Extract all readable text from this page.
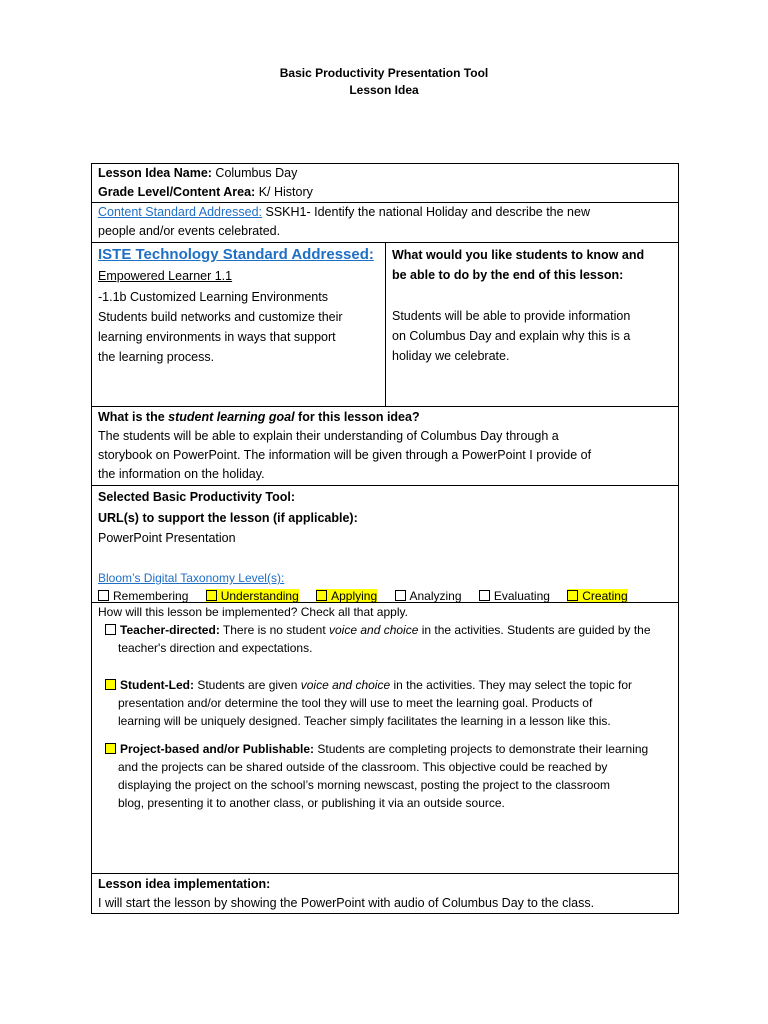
Basic Productivity Presentation Tool
Lesson Idea
Lesson Idea Name: Columbus Day
Grade Level/Content Area: K/ History
Content Standard Addressed: SSKH1- Identify the national Holiday and describe the new
people and/or events celebrated.
ISTE Technology Standard Addressed:
Empowered Learner 1.1
-1.1b Customized Learning Environments
Students build networks and customize their
learning environments in ways that support
the learning process.
What would you like students to know and
be able to do by the end of this lesson:
Students will be able to provide information
on Columbus Day and explain why this is a
holiday we celebrate.
What is the student learning goal for this lesson idea?
The students will be able to explain their understanding of Columbus Day through a
storybook on PowerPoint. The information will be given through a PowerPoint I provide of
the information on the holiday.
Selected Basic Productivity Tool:
URL(s) to support the lesson (if applicable):
PowerPoint Presentation
Bloom’s Digital Taxonomy Level(s):
Remembering	Understanding	Applying	Analyzing	Evaluating	Creating
How will this lesson be implemented? Check all that apply.
Teacher-directed: There is no student voice and choice in the activities. Students are guided by the
teacher's direction and expectations.
Student-Led: Students are given voice and choice in the activities. They may select the topic for
presentation and/or determine the tool they will use to meet the learning goal. Products of
learning will be uniquely designed. Teacher simply facilitates the learning in a lesson like this.
Project-based and/or Publishable: Students are completing projects to demonstrate their learning
and the projects can be shared outside of the classroom. This objective could be reached by
displaying the project on the school’s morning newscast, posting the project to the classroom
blog, presenting it to another class, or publishing it via an outside source.
Lesson idea implementation:
I will start the lesson by showing the PowerPoint with audio of Columbus Day to the class.
